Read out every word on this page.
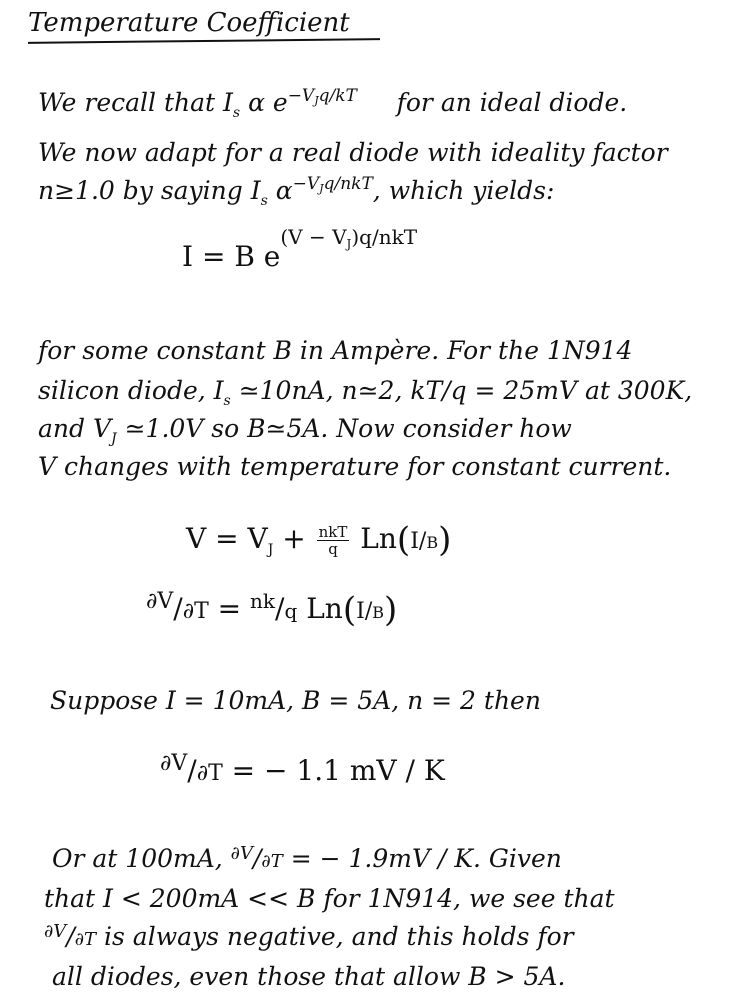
Temperature Coefficient
We recall that $I_s$ α $e^{-VJq/kT}$ for an ideal diode.
We now adapt for a real diode with ideality factor
n≥1.0 by saying $I_s$ $\alpha^{-VJq/nkT}$, which yields:
I = B $e^{(V - V_J)q/nkT}$
for some constant B in Ampère. For the 1N914
silicon diode, $I_s$ ≃10nA, n≃2, kT/q = 25mV at 300K,
and $V_J$ ≃1.0V so B≃5A. Now consider how
V changes with temperature for constant current.
$V = V_J + \frac{\text{nkT}}{q} Ln(I/B)$
$^{\partial V}$/∂T = $^{nk}$/q Ln(I/B)
Suppose I = 10mA, B = 5A, n = 2 then
$^{\partial V}$/∂T = − 1.1 mV / K
Or at 100mA, $^{\partial V}$/∂T = − 1.9mV / K. Given
that I < 200mA << B for 1N914, we see that
$^{\partial V}$/∂T is always negative, and this holds for
all diodes, even those that allow B > 5A.
